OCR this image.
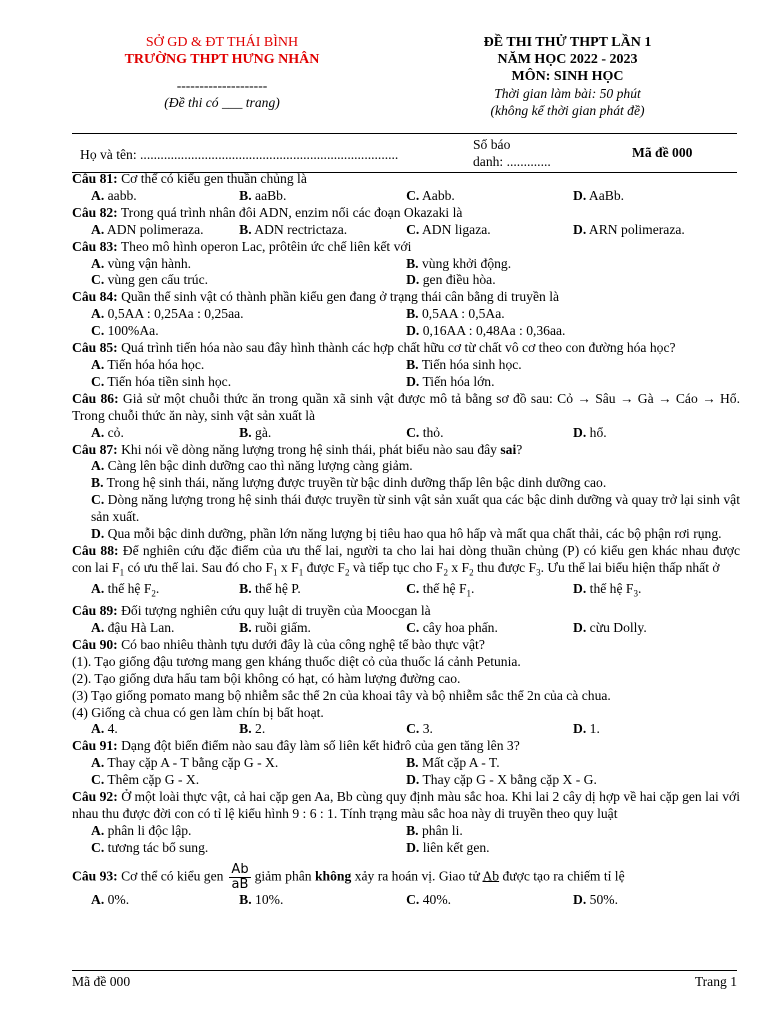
SỞ GD & ĐT THÁI BÌNH
TRƯỜNG THPT HƯNG NHÂN
--------------------
(Đề thi có ___ trang)
ĐỀ THI THỬ THPT LẦN 1
NĂM HỌC 2022 - 2023
MÔN: SINH HỌC
Thời gian làm bài: 50 phút
(không kể thời gian phát đề)
Họ và tên: ............................................................................
Số báo
danh: .............
Mã đề 000
Câu 81: Cơ thể có kiểu gen thuần chủng là
A. aabb.	B. aaBb.	C. Aabb.	D. AaBb.
Câu 82: Trong quá trình nhân đôi ADN, enzim nối các đoạn Okazaki là
A. ADN polimeraza.	B. ADN rectrictaza.	C. ADN ligaza.	D. ARN polimeraza.
Câu 83: Theo mô hình operon Lac, prôtêin ức chế liên kết với
A. vùng vận hành.	B. vùng khởi động.
C. vùng gen cấu trúc.	D. gen điều hòa.
Câu 84: Quần thể sinh vật có thành phần kiểu gen đang ở trạng thái cân bằng di truyền là
A. 0,5AA : 0,25Aa : 0,25aa.	B. 0,5AA : 0,5Aa.
C. 100%Aa.	D. 0,16AA : 0,48Aa : 0,36aa.
Câu 85: Quá trình tiến hóa nào sau đây hình thành các hợp chất hữu cơ từ chất vô cơ theo con đường hóa học?
A. Tiến hóa hóa học.	B. Tiến hóa sinh học.
C. Tiến hóa tiền sinh học.	D. Tiến hóa lớn.
Câu 86: Giả sử một chuỗi thức ăn trong quần xã sinh vật được mô tả bằng sơ đồ sau: Cỏ → Sâu → Gà → Cáo → Hổ. Trong chuỗi thức ăn này, sinh vật sản xuất là
A. cỏ.	B. gà.	C. thỏ.	D. hổ.
Câu 87: Khi nói về dòng năng lượng trong hệ sinh thái, phát biểu nào sau đây sai?
A. Càng lên bậc dinh dưỡng cao thì năng lượng càng giảm.
B. Trong hệ sinh thái, năng lượng được truyền từ bậc dinh dưỡng thấp lên bậc dinh dưỡng cao.
C. Dòng năng lượng trong hệ sinh thái được truyền từ sinh vật sản xuất qua các bậc dinh dưỡng và quay trở lại sinh vật sản xuất.
D. Qua mỗi bậc dinh dưỡng, phần lớn năng lượng bị tiêu hao qua hô hấp và mất qua chất thải, các bộ phận rơi rụng.
Câu 88: Để nghiên cứu đặc điểm của ưu thế lai, người ta cho lai hai dòng thuần chủng (P) có kiểu gen khác nhau được con lai $F_1$ có ưu thế lai. Sau đó cho $F_1$ x $F_1$ được $F_2$ và tiếp tục cho $F_2$ x $F_2$ thu được $F_3$. Ưu thế lai biểu hiện thấp nhất ở
A. thế hệ $F_2$.	B. thế hệ P.	C. thế hệ $F_1$.	D. thế hệ $F_3$.
Câu 89: Đối tượng nghiên cứu quy luật di truyền của Moocgan là
A. đậu Hà Lan.	B. ruồi giấm.	C. cây hoa phấn.	D. cừu Dolly.
Câu 90: Có bao nhiêu thành tựu dưới đây là của công nghệ tế bào thực vật?
(1). Tạo giống đậu tương mang gen kháng thuốc diệt cỏ của thuốc lá cảnh Petunia.
(2). Tạo giống dưa hấu tam bội không có hạt, có hàm lượng đường cao.
(3) Tạo giống pomato mang bộ nhiễm sắc thể 2n của khoai tây và bộ nhiễm sắc thể 2n của cà chua.
(4) Giống cà chua có gen làm chín bị bất hoạt.
A. 4.	B. 2.	C. 3.	D. 1.
Câu 91: Dạng đột biến điểm nào sau đây làm số liên kết hiđrô của gen tăng lên 3?
A. Thay cặp A - T bằng cặp G - X.	B. Mất cặp A - T.
C. Thêm cặp G - X.	D. Thay cặp G - X bằng cặp X - G.
Câu 92: Ở một loài thực vật, cả hai cặp gen Aa, Bb cùng quy định màu sắc hoa. Khi lai 2 cây dị hợp về hai cặp gen lai với nhau thu được đời con có tỉ lệ kiểu hình 9 : 6 : 1. Tính trạng màu sắc hoa này di truyền theo quy luật
A. phân li độc lập.	B. phân li.
C. tương tác bổ sung.	D. liên kết gen.
Câu 93: Cơ thể có kiểu gen $\frac{Ab}{aB}$ giảm phân không xảy ra hoán vị. Giao tử Ab được tạo ra chiếm tỉ lệ
A. 0%.	B. 10%.	C. 40%.	D. 50%.
Mã đề 000	Trang 1
